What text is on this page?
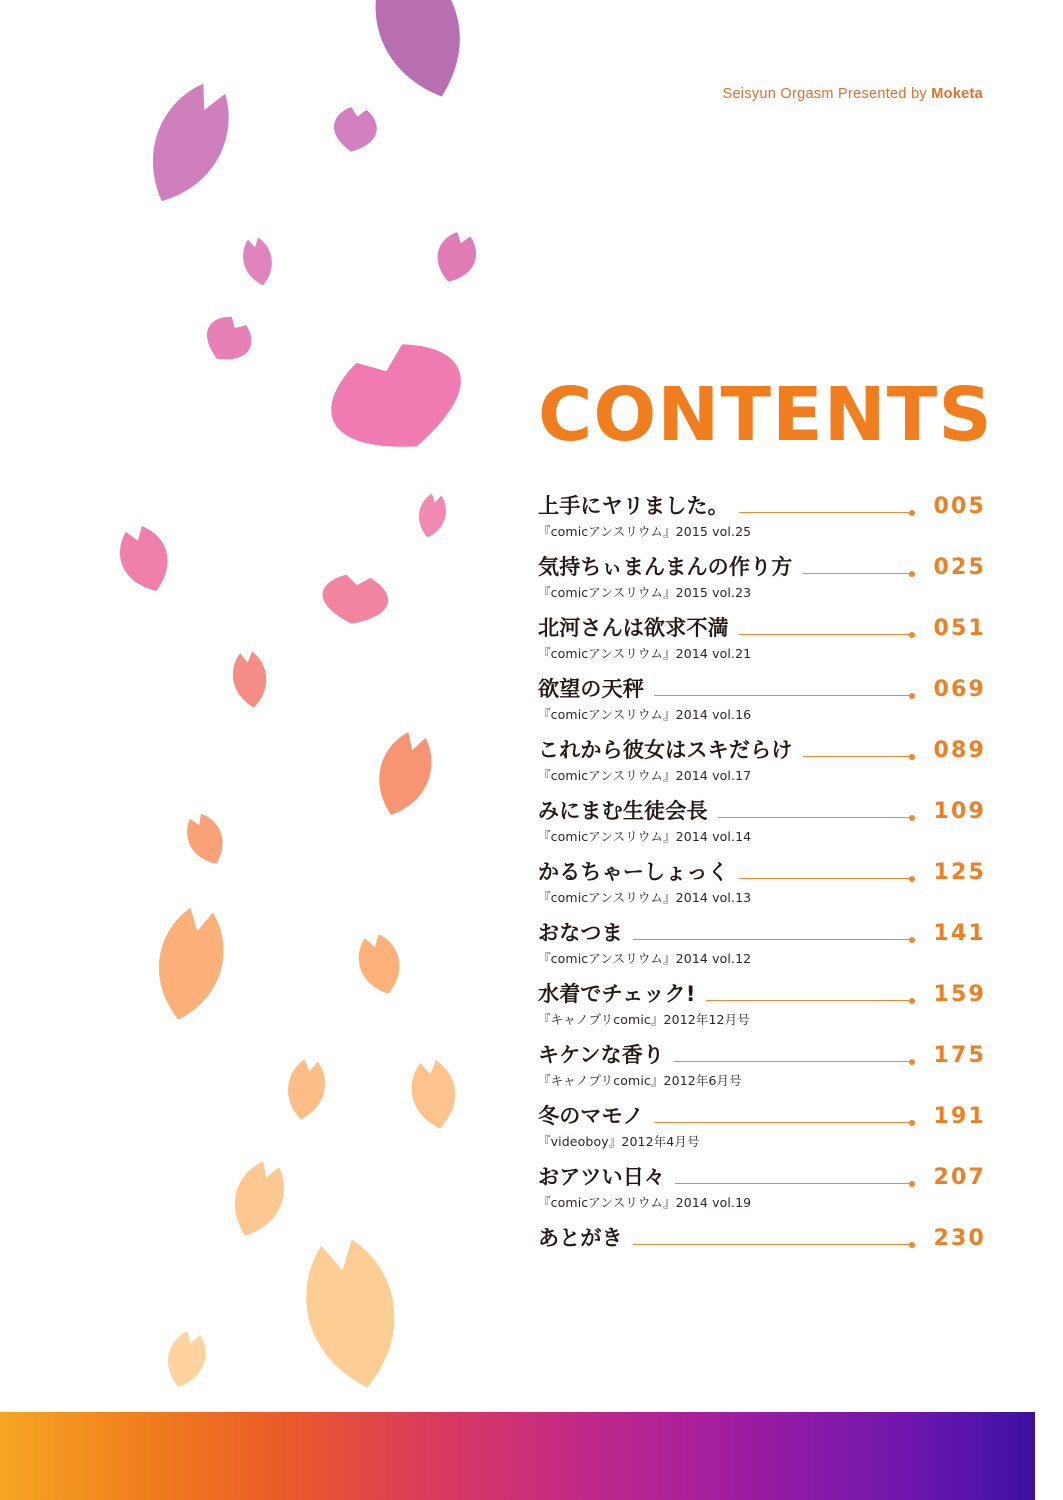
Seisyun Orgasm Presented by Moketa
CONTENTS
上手にヤリました。	005
『comicアンスリウム』2015 vol.25
気持ちぃまんまんの作り方	025
『comicアンスリウム』2015 vol.23
北河さんは欲求不満	051
『comicアンスリウム』2014 vol.21
欲望の天秤	069
『comicアンスリウム』2014 vol.16
これから彼女はスキだらけ	089
『comicアンスリウム』2014 vol.17
みにまむ生徒会長	109
『comicアンスリウム』2014 vol.14
かるちゃーしょっく	125
『comicアンスリウム』2014 vol.13
おなつま	141
『comicアンスリウム』2014 vol.12
水着でチェック!	159
『キャノプリcomic』2012年12月号
キケンな香り	175
『キャノプリcomic』2012年6月号
冬のマモノ	191
『videoboy』2012年4月号
おアツい日々	207
『comicアンスリウム』2014 vol.19
あとがき	230
